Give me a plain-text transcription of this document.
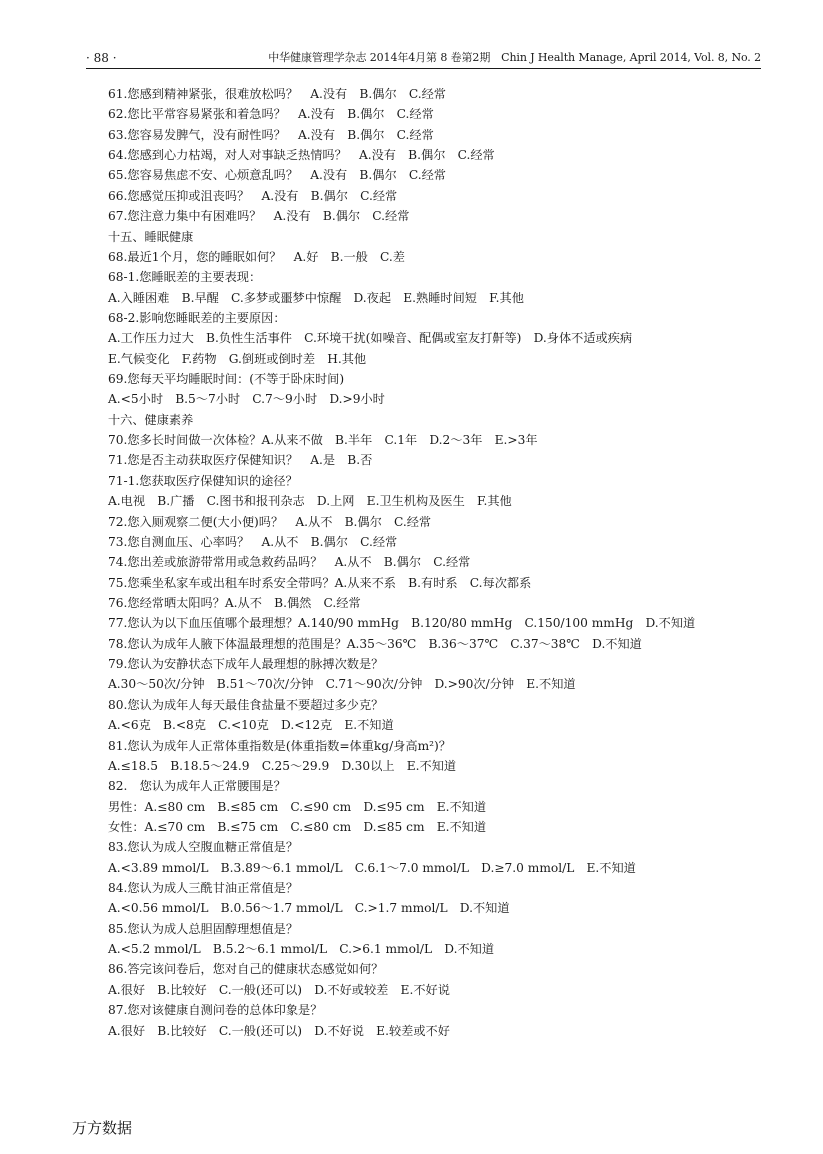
· 88 ·	中华健康管理学杂志 2014年4月第 8 卷第2期　Chin J Health Manage, April 2014, Vol. 8, No. 2
61.您感到精神紧张，很难放松吗？　A.没有　B.偶尔　C.经常
62.您比平常容易紧张和着急吗？　A.没有　B.偶尔　C.经常
63.您容易发脾气，没有耐性吗？　A.没有　B.偶尔　C.经常
64.您感到心力枯竭，对人对事缺乏热情吗？　A.没有　B.偶尔　C.经常
65.您容易焦虑不安、心烦意乱吗？　A.没有　B.偶尔　C.经常
66.您感觉压抑或沮丧吗？　A.没有　B.偶尔　C.经常
67.您注意力集中有困难吗？　A.没有　B.偶尔　C.经常
十五、睡眠健康
68.最近1个月，您的睡眠如何？　A.好　B.一般　C.差
68-1.您睡眠差的主要表现：
A.入睡困难　B.早醒　C.多梦或噩梦中惊醒　D.夜起　E.熟睡时间短　F.其他
68-2.影响您睡眠差的主要原因：
A.工作压力过大　B.负性生活事件　C.环境干扰(如噪音、配偶或室友打鼾等)　D.身体不适或疾病
E.气候变化　F.药物　G.倒班或倒时差　H.其他
69.您每天平均睡眠时间：(不等于卧床时间)
A.<5小时　B.5～7小时　C.7～9小时　D.>9小时
十六、健康素养
70.您多长时间做一次体检？A.从来不做　B.半年　C.1年　D.2～3年　E.>3年
71.您是否主动获取医疗保健知识？　A.是　B.否
71-1.您获取医疗保健知识的途径？
A.电视　B.广播　C.图书和报刊杂志　D.上网　E.卫生机构及医生　F.其他
72.您入厕观察二便(大小便)吗？　A.从不　B.偶尔　C.经常
73.您自测血压、心率吗？　A.从不　B.偶尔　C.经常
74.您出差或旅游带常用或急救药品吗？　A.从不　B.偶尔　C.经常
75.您乘坐私家车或出租车时系安全带吗？A.从来不系　B.有时系　C.每次都系
76.您经常晒太阳吗？A.从不　B.偶然　C.经常
77.您认为以下血压值哪个最理想？A.140/90 mmHg　B.120/80 mmHg　C.150/100 mmHg　D.不知道
78.您认为成年人腋下体温最理想的范围是？A.35～36℃　B.36～37℃　C.37～38℃　D.不知道
79.您认为安静状态下成年人最理想的脉搏次数是？
A.30～50次/分钟　B.51～70次/分钟　C.71～90次/分钟　D.>90次/分钟　E.不知道
80.您认为成年人每天最佳食盐量不要超过多少克？
A.<6克　B.<8克　C.<10克　D.<12克　E.不知道
81.您认为成年人正常体重指数是(体重指数=体重kg/身高m²)？
A.≤18.5　B.18.5～24.9　C.25～29.9　D.30以上　E.不知道
82.　您认为成年人正常腰围是？
男性：A.≤80 cm　B.≤85 cm　C.≤90 cm　D.≤95 cm　E.不知道
女性：A.≤70 cm　B.≤75 cm　C.≤80 cm　D.≤85 cm　E.不知道
83.您认为成人空腹血糖正常值是？
A.<3.89 mmol/L　B.3.89～6.1 mmol/L　C.6.1～7.0 mmol/L　D.≥7.0 mmol/L　E.不知道
84.您认为成人三酰甘油正常值是？
A.<0.56 mmol/L　B.0.56～1.7 mmol/L　C.>1.7 mmol/L　D.不知道
85.您认为成人总胆固醇理想值是？
A.<5.2 mmol/L　B.5.2～6.1 mmol/L　C.>6.1 mmol/L　D.不知道
86.答完该问卷后，您对自己的健康状态感觉如何？
A.很好　B.比较好　C.一般(还可以)　D.不好或较差　E.不好说
87.您对该健康自测问卷的总体印象是？
A.很好　B.比较好　C.一般(还可以)　D.不好说　E.较差或不好
万方数据
